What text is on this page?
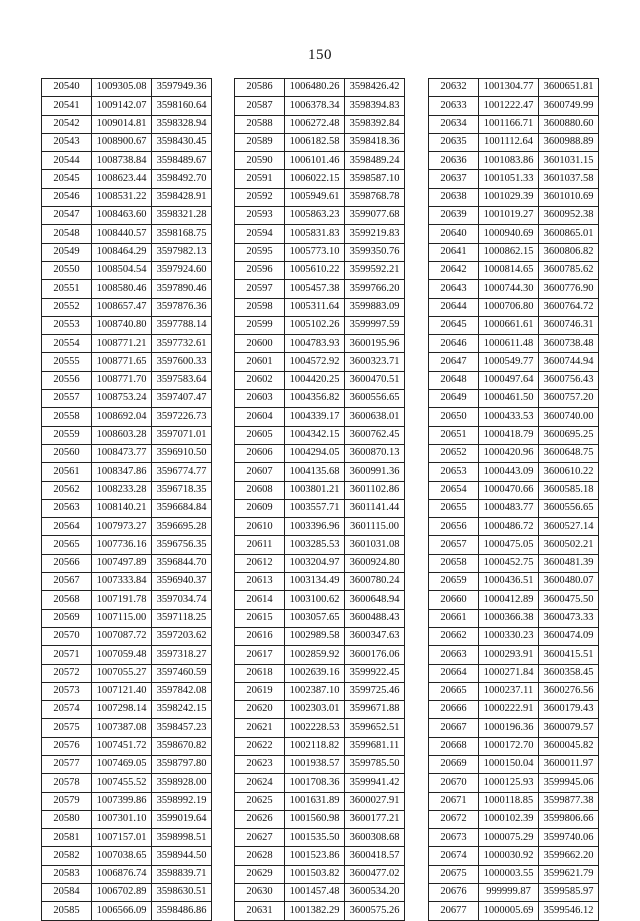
150
20540	1009305.08	3597949.36
20541	1009142.07	3598160.64
20542	1009014.81	3598328.94
20543	1008900.67	3598430.45
20544	1008738.84	3598489.67
20545	1008623.44	3598492.70
20546	1008531.22	3598428.91
20547	1008463.60	3598321.28
20548	1008440.57	3598168.75
20549	1008464.29	3597982.13
20550	1008504.54	3597924.60
20551	1008580.46	3597890.46
20552	1008657.47	3597876.36
20553	1008740.80	3597788.14
20554	1008771.21	3597732.61
20555	1008771.65	3597600.33
20556	1008771.70	3597583.64
20557	1008753.24	3597407.47
20558	1008692.04	3597226.73
20559	1008603.28	3597071.01
20560	1008473.77	3596910.50
20561	1008347.86	3596774.77
20562	1008233.28	3596718.35
20563	1008140.21	3596684.84
20564	1007973.27	3596695.28
20565	1007736.16	3596756.35
20566	1007497.89	3596844.70
20567	1007333.84	3596940.37
20568	1007191.78	3597034.74
20569	1007115.00	3597118.25
20570	1007087.72	3597203.62
20571	1007059.48	3597318.27
20572	1007055.27	3597460.59
20573	1007121.40	3597842.08
20574	1007298.14	3598242.15
20575	1007387.08	3598457.23
20576	1007451.72	3598670.82
20577	1007469.05	3598797.80
20578	1007455.52	3598928.00
20579	1007399.86	3598992.19
20580	1007301.10	3599019.64
20581	1007157.01	3598998.51
20582	1007038.65	3598944.50
20583	1006876.74	3598839.71
20584	1006702.89	3598630.51
20585	1006566.09	3598486.86
20586	1006480.26	3598426.42
20587	1006378.34	3598394.83
20588	1006272.48	3598392.84
20589	1006182.58	3598418.36
20590	1006101.46	3598489.24
20591	1006022.15	3598587.10
20592	1005949.61	3598768.78
20593	1005863.23	3599077.68
20594	1005831.83	3599219.83
20595	1005773.10	3599350.76
20596	1005610.22	3599592.21
20597	1005457.38	3599766.20
20598	1005311.64	3599883.09
20599	1005102.26	3599997.59
20600	1004783.93	3600195.96
20601	1004572.92	3600323.71
20602	1004420.25	3600470.51
20603	1004356.82	3600556.65
20604	1004339.17	3600638.01
20605	1004342.15	3600762.45
20606	1004294.05	3600870.13
20607	1004135.68	3600991.36
20608	1003801.21	3601102.86
20609	1003557.71	3601141.44
20610	1003396.96	3601115.00
20611	1003285.53	3601031.08
20612	1003204.97	3600924.80
20613	1003134.49	3600780.24
20614	1003100.62	3600648.94
20615	1003057.65	3600488.43
20616	1002989.58	3600347.63
20617	1002859.92	3600176.06
20618	1002639.16	3599922.45
20619	1002387.10	3599725.46
20620	1002303.01	3599671.88
20621	1002228.53	3599652.51
20622	1002118.82	3599681.11
20623	1001938.57	3599785.50
20624	1001708.36	3599941.42
20625	1001631.89	3600027.91
20626	1001560.98	3600177.21
20627	1001535.50	3600308.68
20628	1001523.86	3600418.57
20629	1001503.82	3600477.02
20630	1001457.48	3600534.20
20631	1001382.29	3600575.26
20632	1001304.77	3600651.81
20633	1001222.47	3600749.99
20634	1001166.71	3600880.60
20635	1001112.64	3600988.89
20636	1001083.86	3601031.15
20637	1001051.33	3601037.58
20638	1001029.39	3601010.69
20639	1001019.27	3600952.38
20640	1000940.69	3600865.01
20641	1000862.15	3600806.82
20642	1000814.65	3600785.62
20643	1000744.30	3600776.90
20644	1000706.80	3600764.72
20645	1000661.61	3600746.31
20646	1000611.48	3600738.48
20647	1000549.77	3600744.94
20648	1000497.64	3600756.43
20649	1000461.50	3600757.20
20650	1000433.53	3600740.00
20651	1000418.79	3600695.25
20652	1000420.96	3600648.75
20653	1000443.09	3600610.22
20654	1000470.66	3600585.18
20655	1000483.77	3600556.65
20656	1000486.72	3600527.14
20657	1000475.05	3600502.21
20658	1000452.75	3600481.39
20659	1000436.51	3600480.07
20660	1000412.89	3600475.50
20661	1000366.38	3600473.33
20662	1000330.23	3600474.09
20663	1000293.91	3600415.51
20664	1000271.84	3600358.45
20665	1000237.11	3600276.56
20666	1000222.91	3600179.43
20667	1000196.36	3600079.57
20668	1000172.70	3600045.82
20669	1000150.04	3600011.97
20670	1000125.93	3599945.06
20671	1000118.85	3599877.38
20672	1000102.39	3599806.66
20673	1000075.29	3599740.06
20674	1000030.92	3599662.20
20675	1000003.55	3599621.79
20676	999999.87	3599585.97
20677	1000005.69	3599546.12
